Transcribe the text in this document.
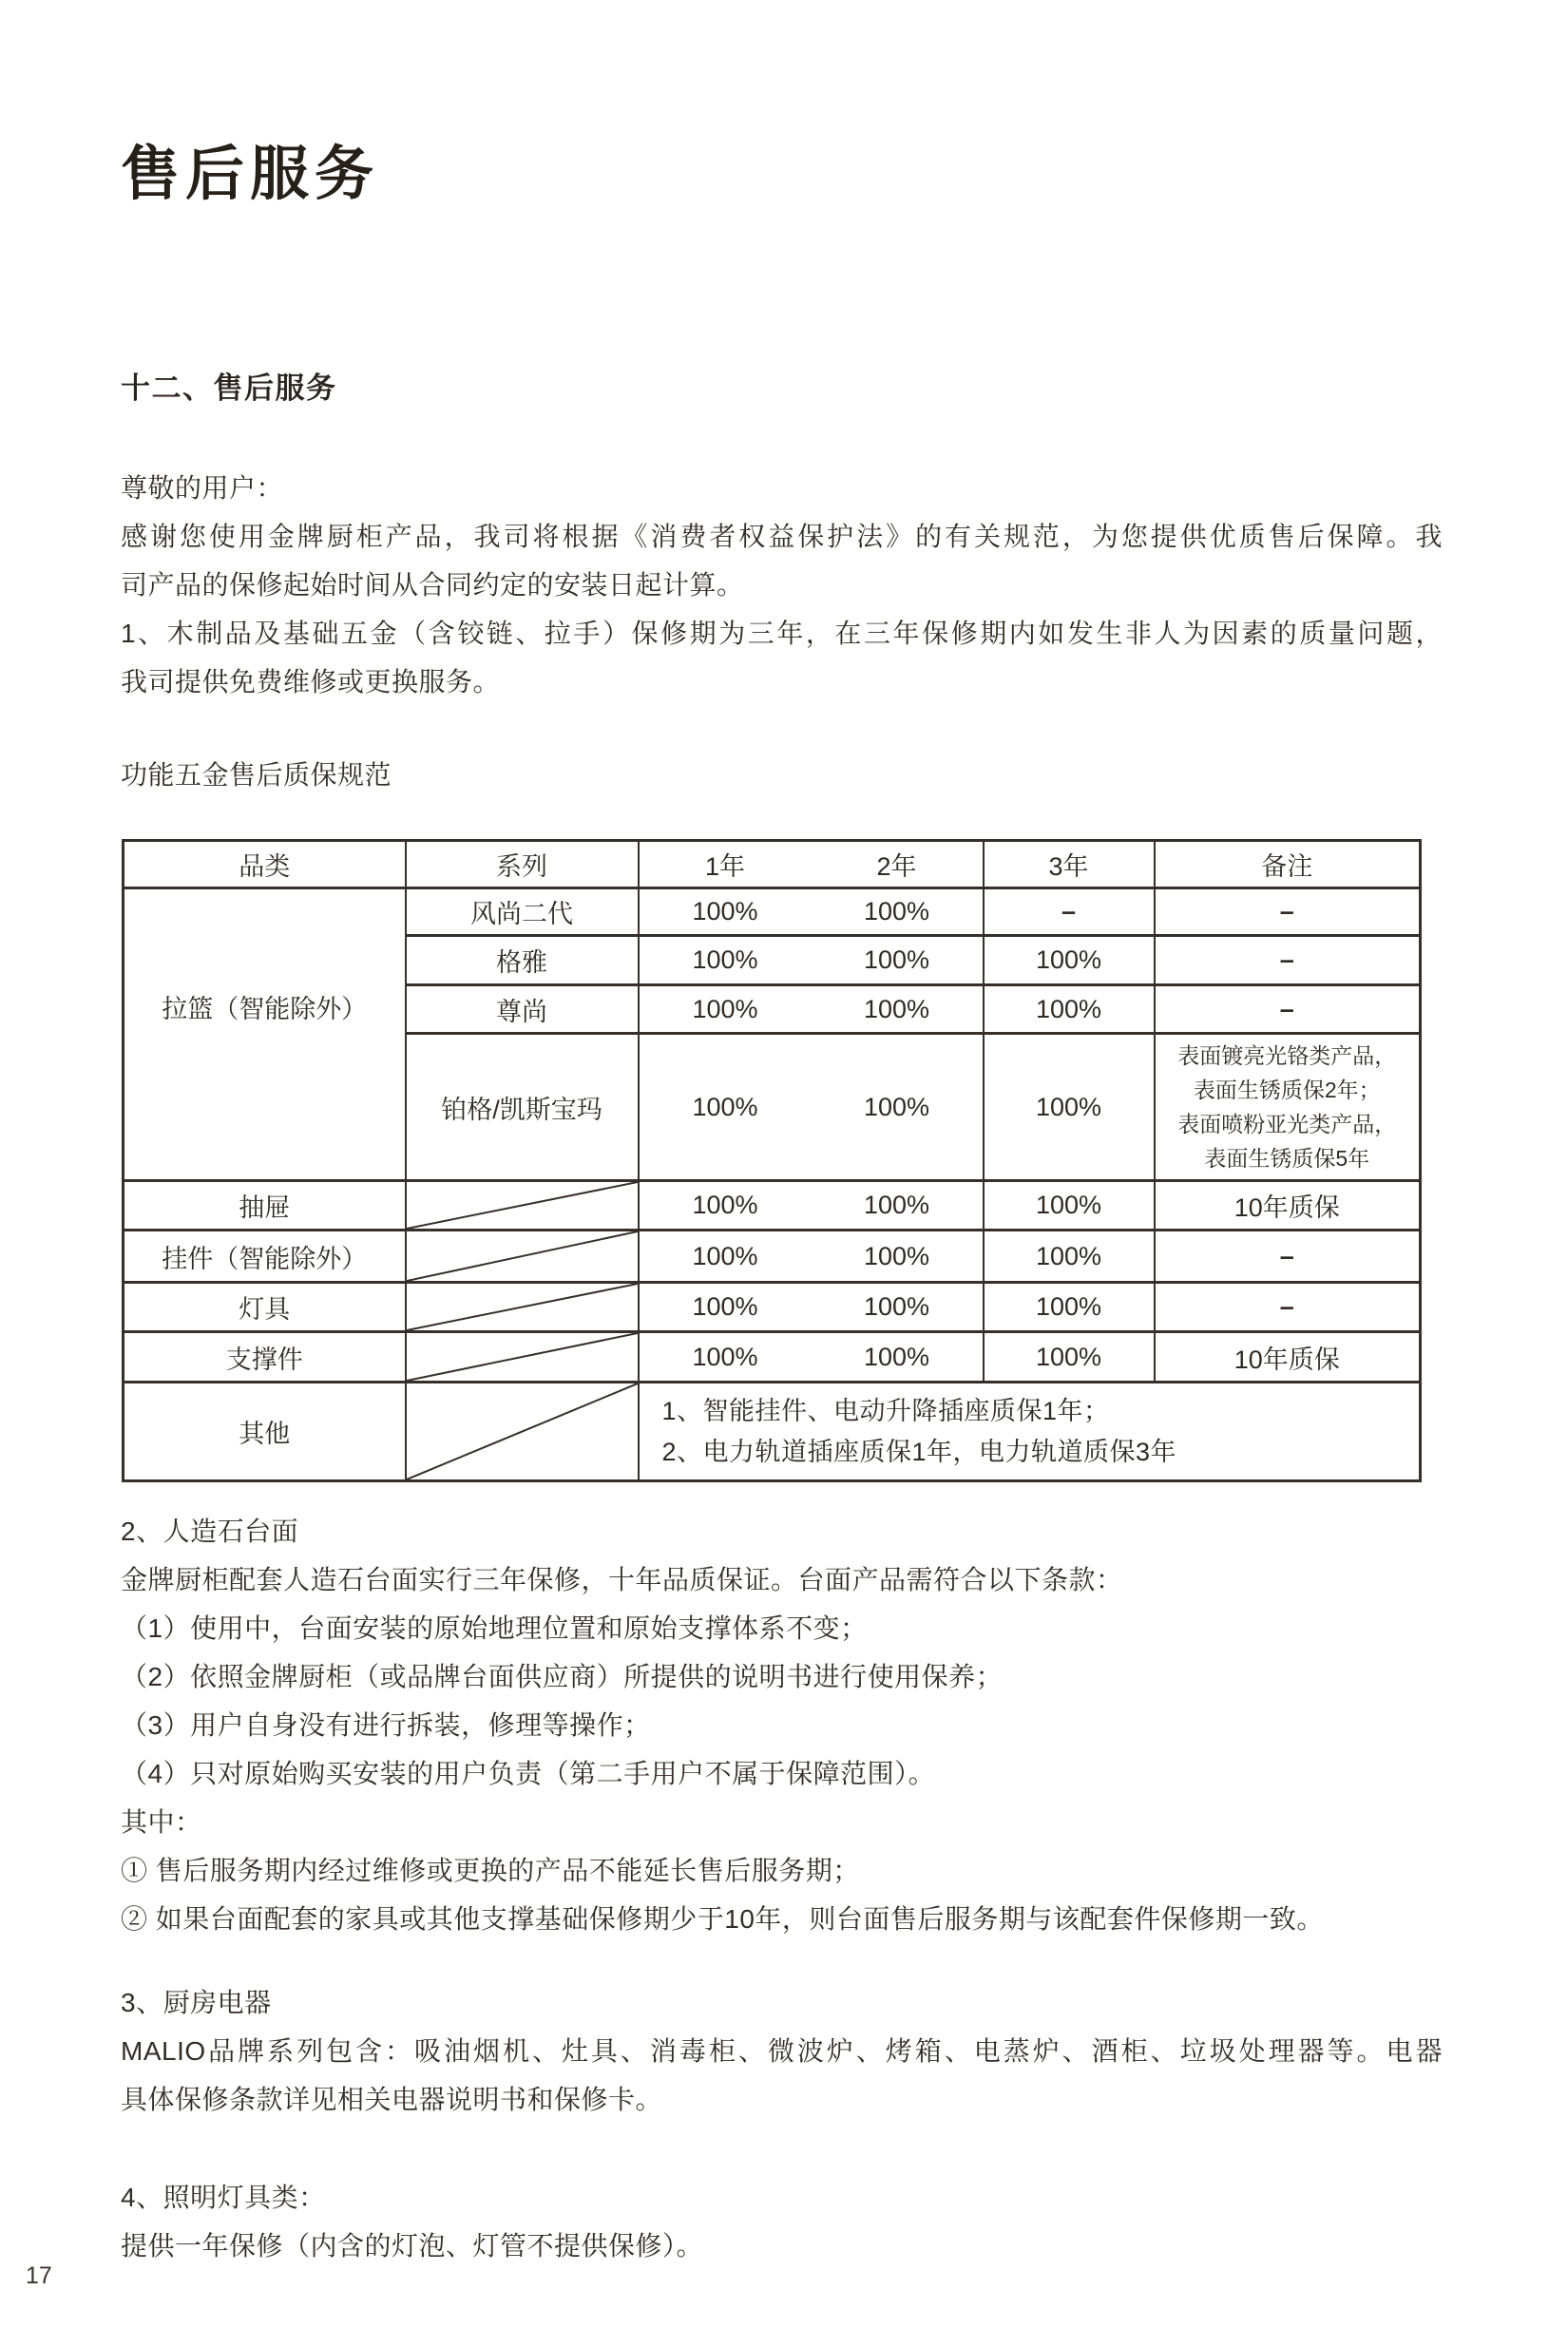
售后服务
十二、售后服务
尊敬的用户：
感谢您使用金牌厨柜产品，我司将根据《消费者权益保护法》的有关规范，为您提供优质售后保障。我
司产品的保修起始时间从合同约定的安装日起计算。
1、木制品及基础五金（含铰链、拉手）保修期为三年，在三年保修期内如发生非人为因素的质量问题，
我司提供免费维修或更换服务。
功能五金售后质保规范
品类	系列	1年	2年	3年	备注
拉篮（智能除外）	风尚二代	100%	100%	–	–
	格雅	100%	100%	100%	–
	尊尚	100%	100%	100%	–
	铂格/凯斯宝玛	100%	100%	100%	表面镀亮光铬类产品，
表面生锈质保2年；
表面喷粉亚光类产品，
表面生锈质保5年

抽屉		100%	100%	100%	10年质保
挂件（智能除外）		100%	100%	100%	–
灯具		100%	100%	100%	–
支撑件		100%	100%	100%	10年质保
其他		1、智能挂件、电动升降插座质保1年；
2、电力轨道插座质保1年，电力轨道质保3年			
2、人造石台面
金牌厨柜配套人造石台面实行三年保修，十年品质保证。台面产品需符合以下条款：
（1）使用中，台面安装的原始地理位置和原始支撑体系不变；
（2）依照金牌厨柜（或品牌台面供应商）所提供的说明书进行使用保养；
（3）用户自身没有进行拆装，修理等操作；
（4）只对原始购买安装的用户负责（第二手用户不属于保障范围）。
其中：
① 售后服务期内经过维修或更换的产品不能延长售后服务期；
② 如果台面配套的家具或其他支撑基础保修期少于10年，则台面售后服务期与该配套件保修期一致。
3、厨房电器
MALIO品牌系列包含：吸油烟机、灶具、消毒柜、微波炉、烤箱、电蒸炉、酒柜、垃圾处理器等。电器
具体保修条款详见相关电器说明书和保修卡。
4、照明灯具类：
提供一年保修（内含的灯泡、灯管不提供保修）。
17
